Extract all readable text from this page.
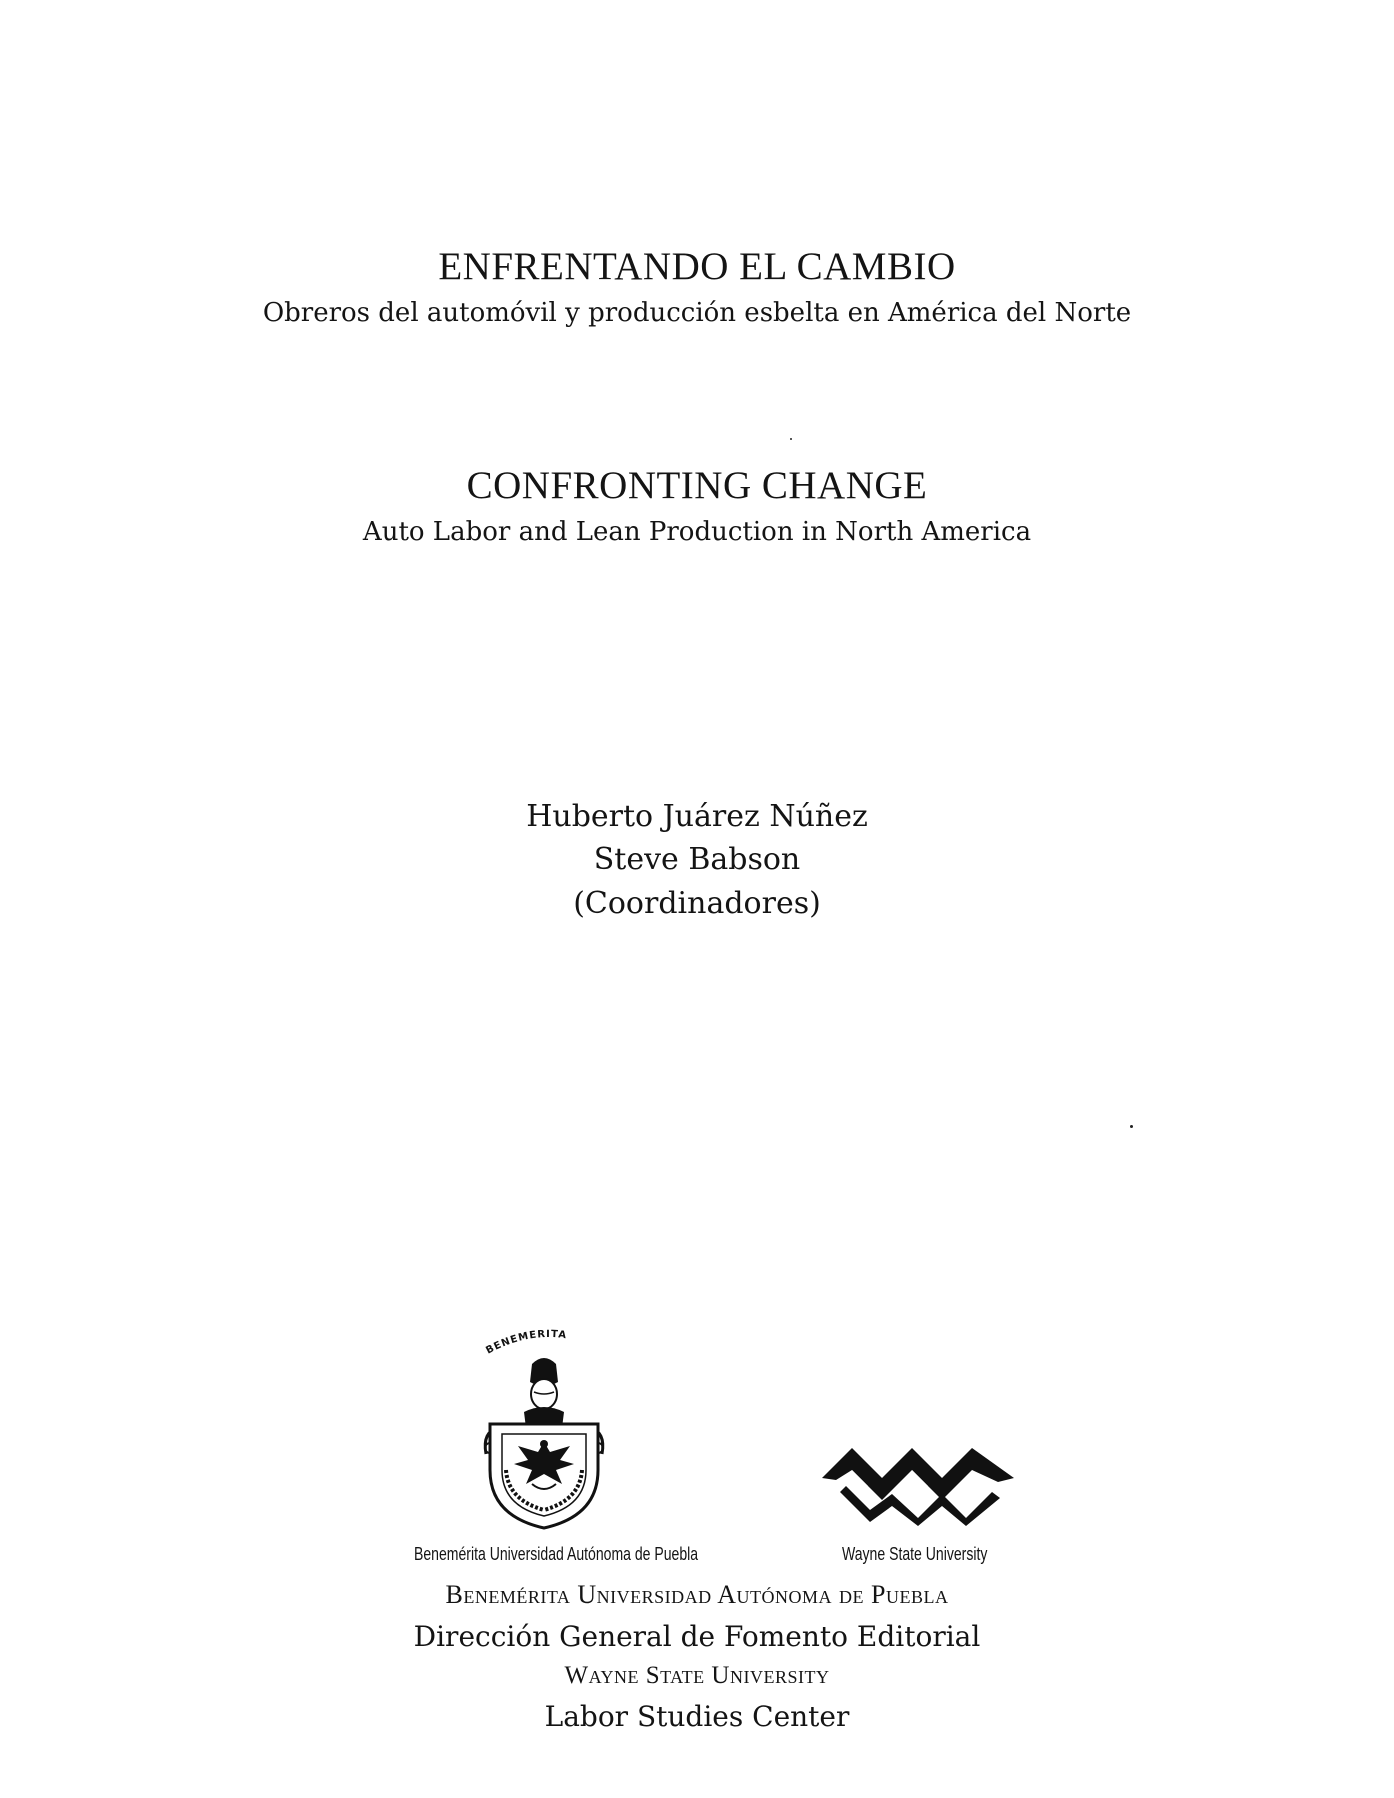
ENFRENTANDO EL CAMBIO
Obreros del automóvil y producción esbelta en América del Norte
CONFRONTING CHANGE
Auto Labor and Lean Production in North America
Huberto Juárez Núñez
Steve Babson
(Coordinadores)
BENEMERITA
Benemérita Universidad Autónoma de Puebla	Wayne State University
Benemérita Universidad Autónoma de Puebla
Dirección General de Fomento Editorial
Wayne State University
Labor Studies Center
